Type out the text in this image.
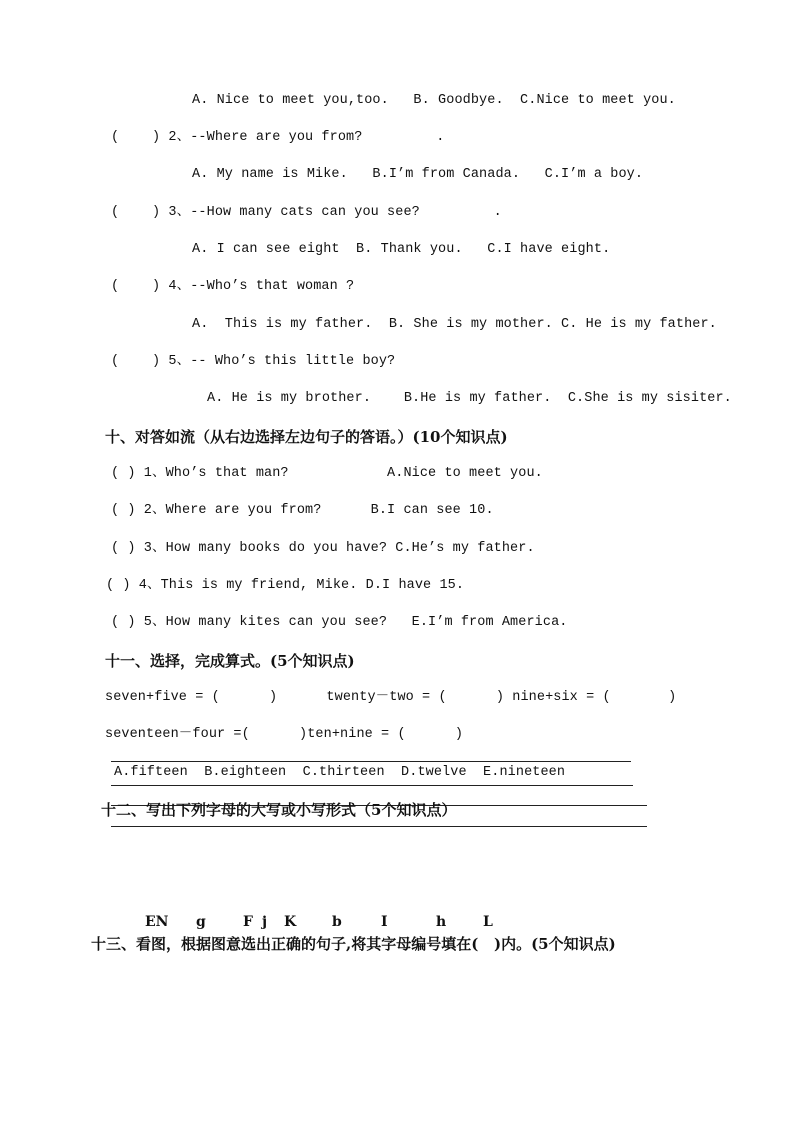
A. Nice to meet you,too.   B. Goodbye.  C.Nice to meet you.
(    ) 2、--Where are you from?         .
A. My name is Mike.   B.I’m from Canada.   C.I’m a boy.
(    ) 3、--How many cats can you see?         .
A. I can see eight  B. Thank you.   C.I have eight.
(    ) 4、--Who’s that woman ?
A.  This is my father.  B. She is my mother. C. He is my father.
(    ) 5、-- Who’s this little boy?
A. He is my brother.    B.He is my father.  C.She is my sisiter.
十、对答如流（从右边选择左边句子的答语。）(10个知识点)
( ) 1、Who’s that man?            A.Nice to meet you.
( ) 2、Where are you from?      B.I can see 10.
( ) 3、How many books do you have? C.He’s my father.
( ) 4、This is my friend, Mike. D.I have 15.
( ) 5、How many kites can you see?   E.I’m from America.
十一、选择，完成算式。(5个知识点)
seven+five = (      )      twenty－two = (      ) nine+six = (       )
seventeen－four =(      )ten+nine = (      )
A.fifteen  B.eighteen  C.thirteen  D.twelve  E.nineteen
十二、写出下列字母的大写或小写形式（5个知识点）
EN g	F j K	b	I	h	L
十三、看图，根据图意选出正确的句子,将其字母编号填在(   )内。(5个知识点)
